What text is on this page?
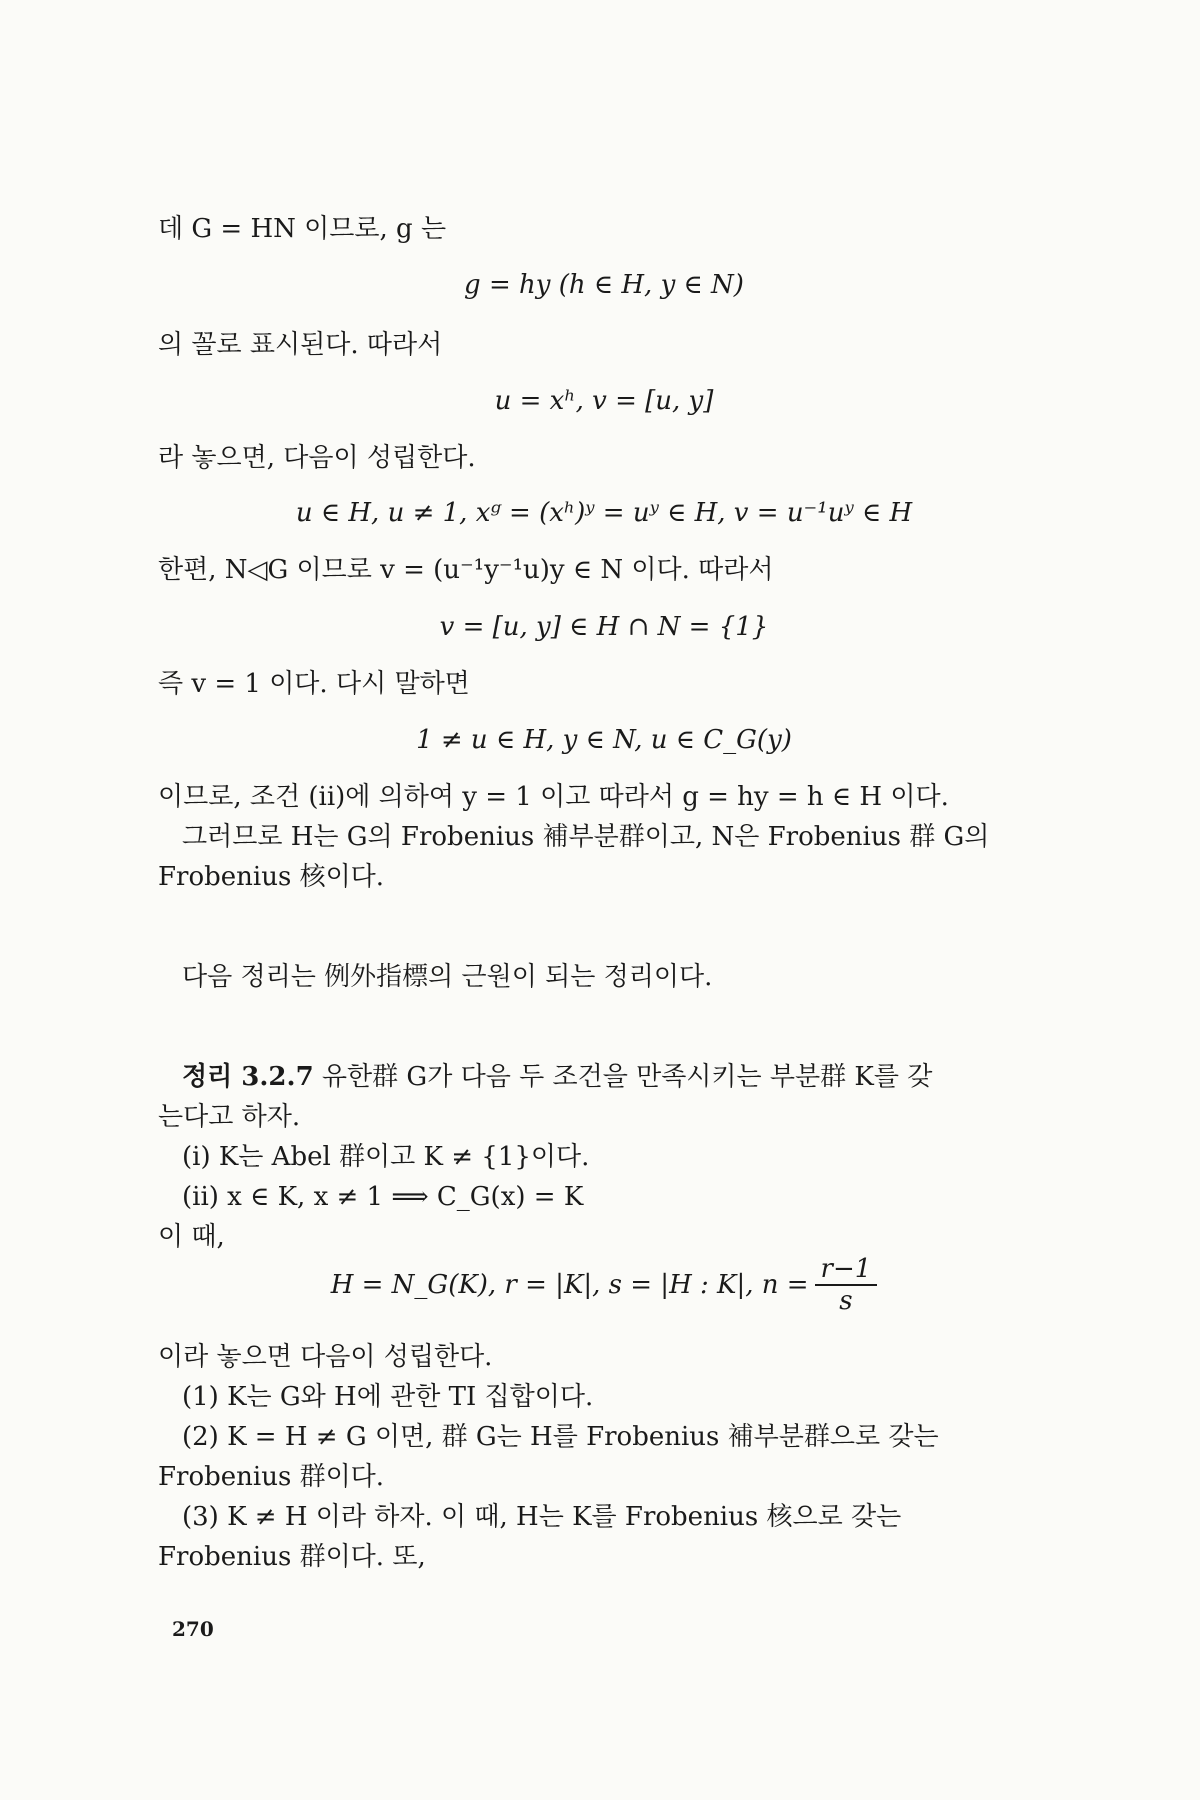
데 G = HN 이므로, g 는
g = hy (h ∈ H, y ∈ N)
의 꼴로 표시된다. 따라서
u = xʰ, v = [u, y]
라 놓으면, 다음이 성립한다.
u ∈ H, u ≠ 1, xᵍ = (xʰ)ʸ = uʸ ∈ H, v = u⁻¹uʸ ∈ H
한편, N◁G 이므로 v = (u⁻¹y⁻¹u)y ∈ N 이다. 따라서
v = [u, y] ∈ H ∩ N = {1}
즉 v = 1 이다. 다시 말하면
1 ≠ u ∈ H, y ∈ N, u ∈ C_G(y)
이므로, 조건 (ii)에 의하여 y = 1 이고 따라서 g = hy = h ∈ H 이다.
그러므로 H는 G의 Frobenius 補부분群이고, N은 Frobenius 群 G의
Frobenius 核이다.
다음 정리는 例外指標의 근원이 되는 정리이다.
정리 3.2.7 유한群 G가 다음 두 조건을 만족시키는 부분群 K를 갖
는다고 하자.
(i) K는 Abel 群이고 K ≠ {1}이다.
(ii) x ∈ K, x ≠ 1 ⟹ C_G(x) = K
이 때,
H = N_G(K), r = |K|, s = |H : K|, $n = \frac{r-1}{s}$
이라 놓으면 다음이 성립한다.
(1) K는 G와 H에 관한 TI 집합이다.
(2) K = H ≠ G 이면, 群 G는 H를 Frobenius 補부분群으로 갖는
Frobenius 群이다.
(3) K ≠ H 이라 하자. 이 때, H는 K를 Frobenius 核으로 갖는
Frobenius 群이다. 또,
270
